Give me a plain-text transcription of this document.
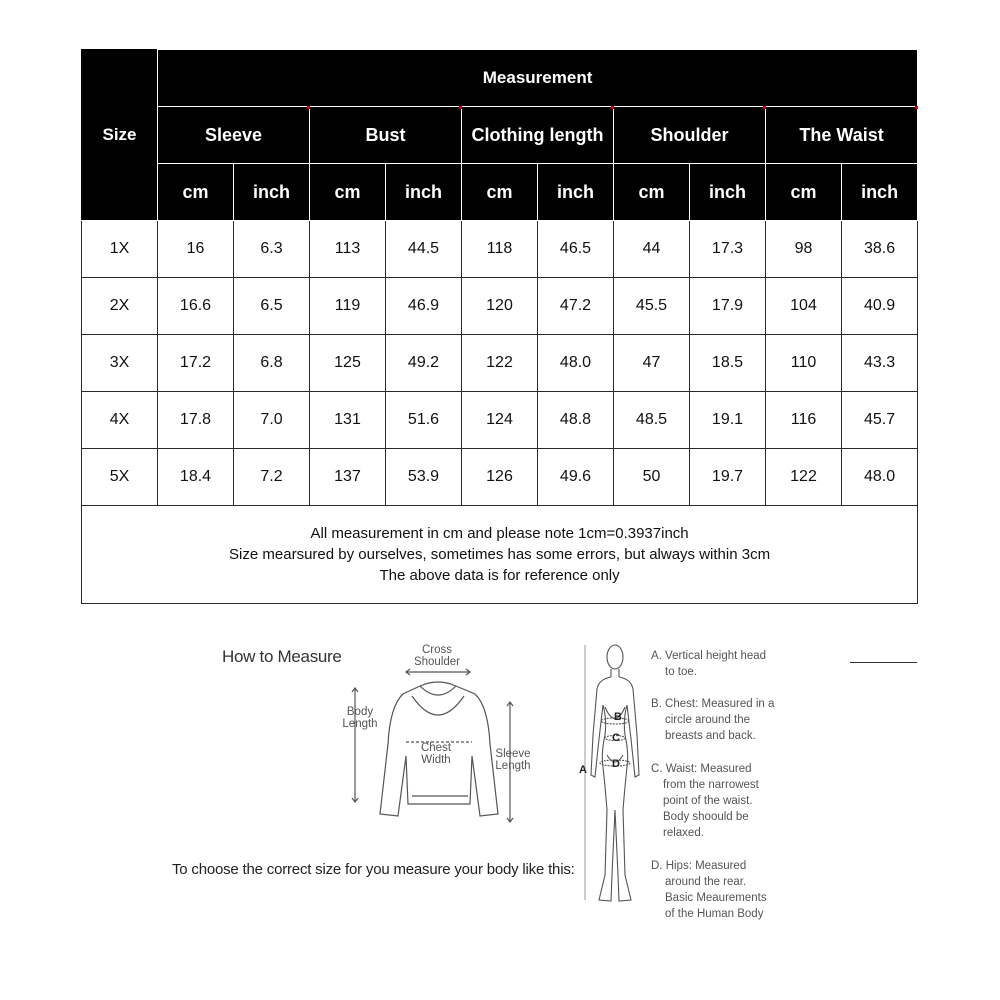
Size	Measurement									
	Sleeve		Bust		Clothing length		Shoulder		The Waist	

	cm	inch	cm	inch	cm	inch	cm	inch	cm	inch
1X	16	6.3	113	44.5	118	46.5	44	17.3	98	38.6
2X	16.6	6.5	119	46.9	120	47.2	45.5	17.9	104	40.9
3X	17.2	6.8	125	49.2	122	48.0	47	18.5	110	43.3
4X	17.8	7.0	131	51.6	124	48.8	48.5	19.1	116	45.7
5X	18.4	7.2	137	53.9	126	49.6	50	19.7	122	48.0

All measurement in cm and please note 1cm=0.3937inch
Size mearsured by ourselves, sometimes has some errors, but always within 3cm
The above data is for reference only										
How to Measure
To choose the correct size for you measure your body like this:
Cross
Shoulder
Body
Length
Chest
Width	Sleeve
Length
B
C
D
A
A. Vertical height head
to toe.
B. Chest: Measured in a
circle around the
breasts and back.
C. Waist: Measured
from the narrowest
point of the waist.
Body shoould be
relaxed.
D. Hips: Measured
around the rear.
Basic Meaurements
of the Human Body
